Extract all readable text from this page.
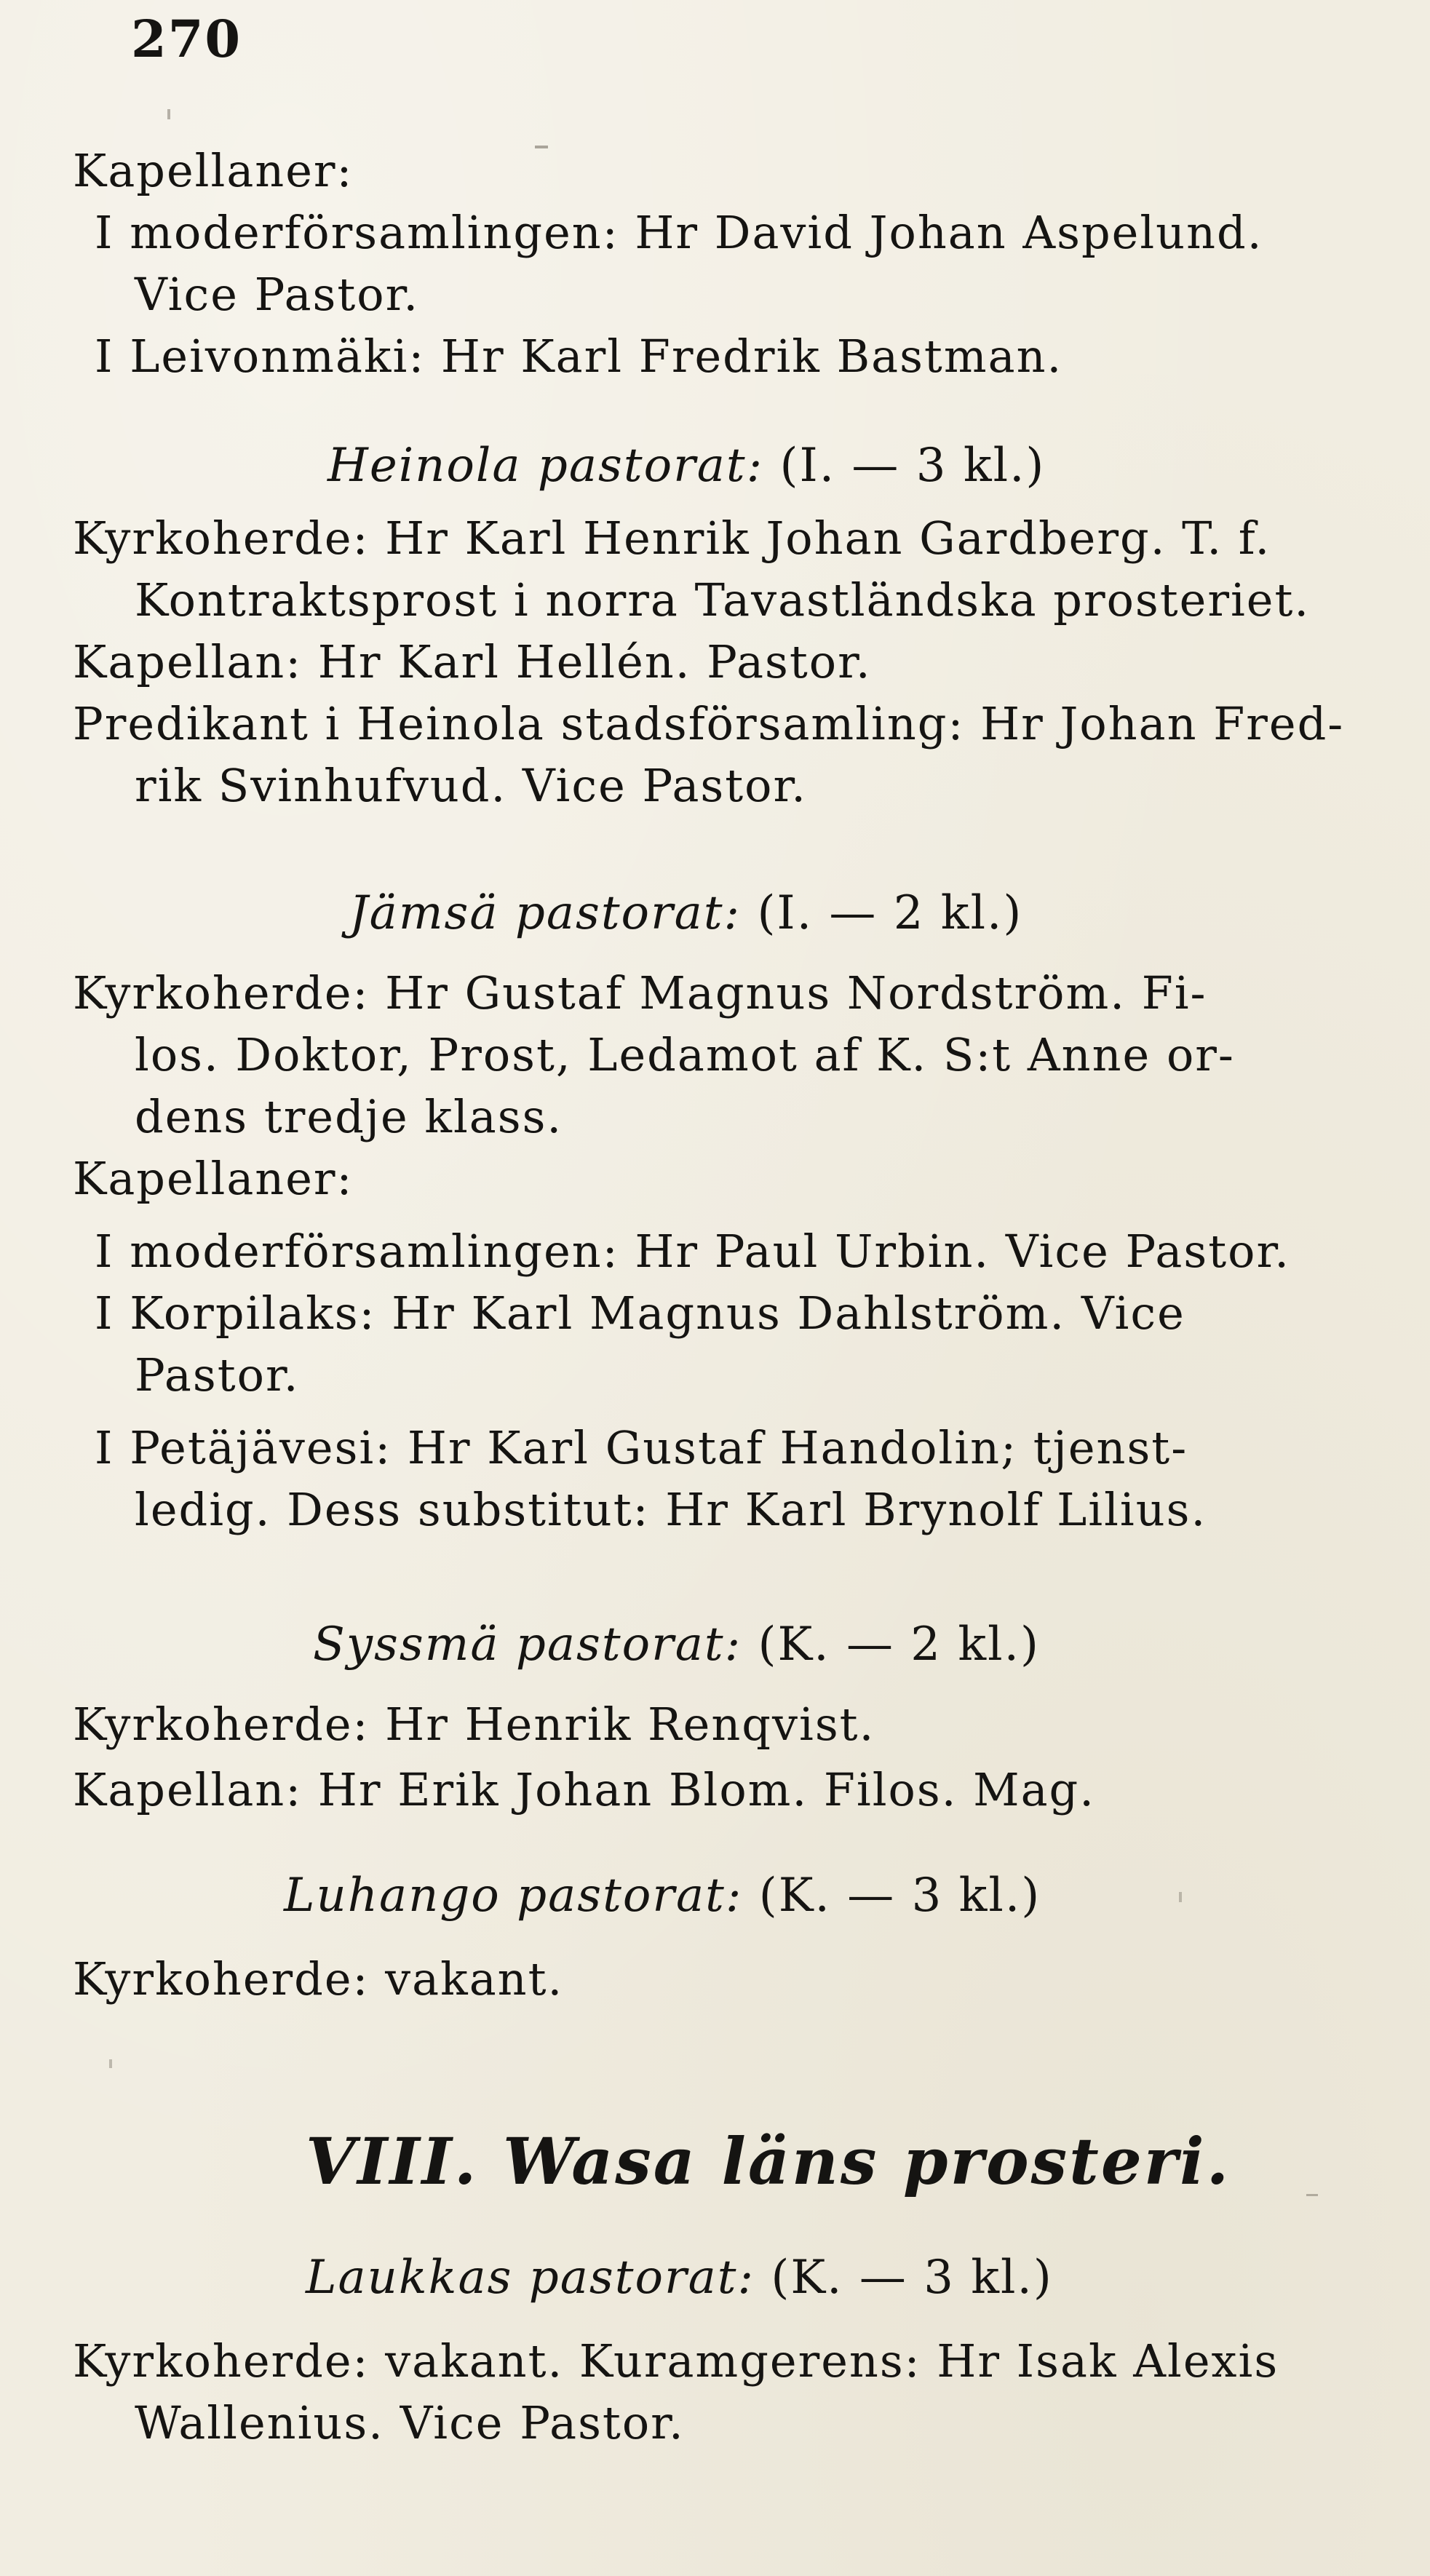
270
Kapellaner:
I moderförsamlingen: Hr David Johan Aspelund.
Vice Pastor.
I Leivonmäki: Hr Karl Fredrik Bastman.
Heinola pastorat: (I. — 3 kl.)
Kyrkoherde: Hr Karl Henrik Johan Gardberg. T. f.
Kontraktsprost i norra Tavastländska prosteriet.
Kapellan: Hr Karl Hellén. Pastor.
Predikant i Heinola stadsförsamling: Hr Johan Fred-
rik Svinhufvud. Vice Pastor.
Jämsä pastorat: (I. — 2 kl.)
Kyrkoherde: Hr Gustaf Magnus Nordström. Fi-
los. Doktor, Prost, Ledamot af K. S:t Anne or-
dens tredje klass.
Kapellaner:
I moderförsamlingen: Hr Paul Urbin. Vice Pastor.
I Korpilaks: Hr Karl Magnus Dahlström. Vice
Pastor.
I Petäjävesi: Hr Karl Gustaf Handolin; tjenst-
ledig. Dess substitut: Hr Karl Brynolf Lilius.
Syssmä pastorat: (K. — 2 kl.)
Kyrkoherde: Hr Henrik Renqvist.
Kapellan: Hr Erik Johan Blom. Filos. Mag.
Luhango pastorat: (K. — 3 kl.)
Kyrkoherde: vakant.
VIII. Wasa läns prosteri.
Laukkas pastorat: (K. — 3 kl.)
Kyrkoherde: vakant. Kuramgerens: Hr Isak Alexis
Wallenius. Vice Pastor.
